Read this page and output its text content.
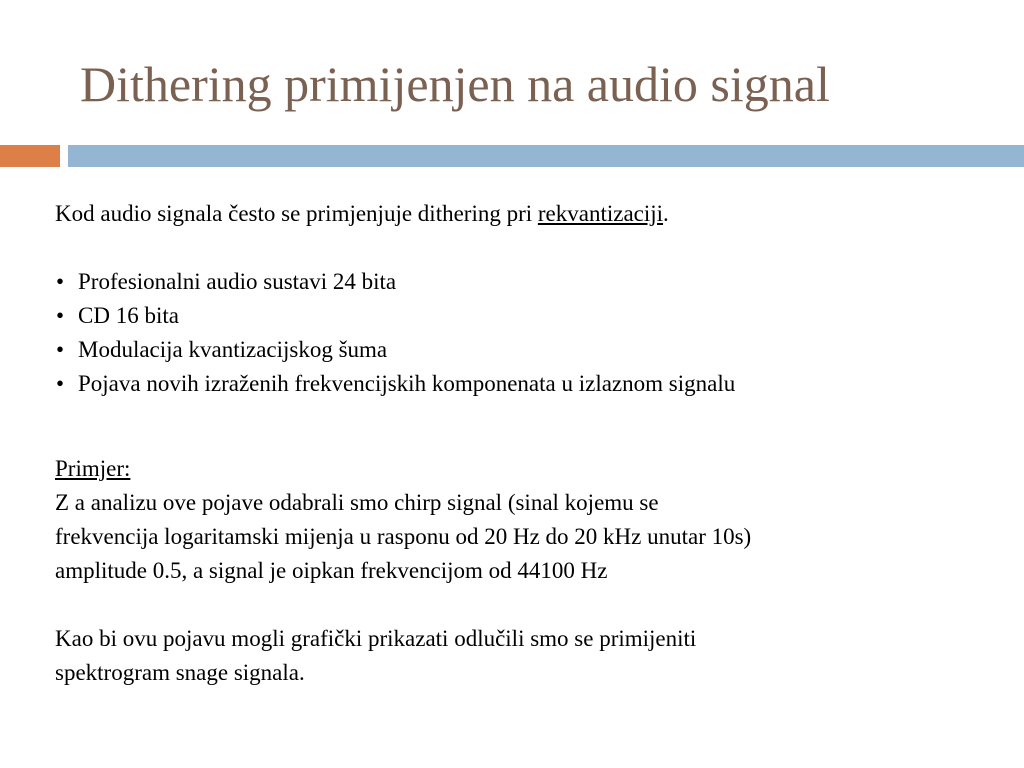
Dithering primijenjen na audio signal

Kod audio signala često se primjenjuje dithering pri rekvantizaciji.

• Profesionalni audio sustavi 24 bita
• CD 16 bita
• Modulacija kvantizacijskog šuma
• Pojava novih izraženih frekvencijskih komponenata u izlaznom signalu

Primjer:

Z a analizu ove pojave odabrali smo chirp signal (sinal kojemu se

frekvencija logaritamski mijenja u rasponu od 20 Hz do 20 kHz unutar 10s)

amplitude 0.5, a signal je oipkan frekvencijom od 44100 Hz

Kao bi ovu pojavu mogli grafički prikazati odlučili smo se primijeniti

spektrogram snage signala.
